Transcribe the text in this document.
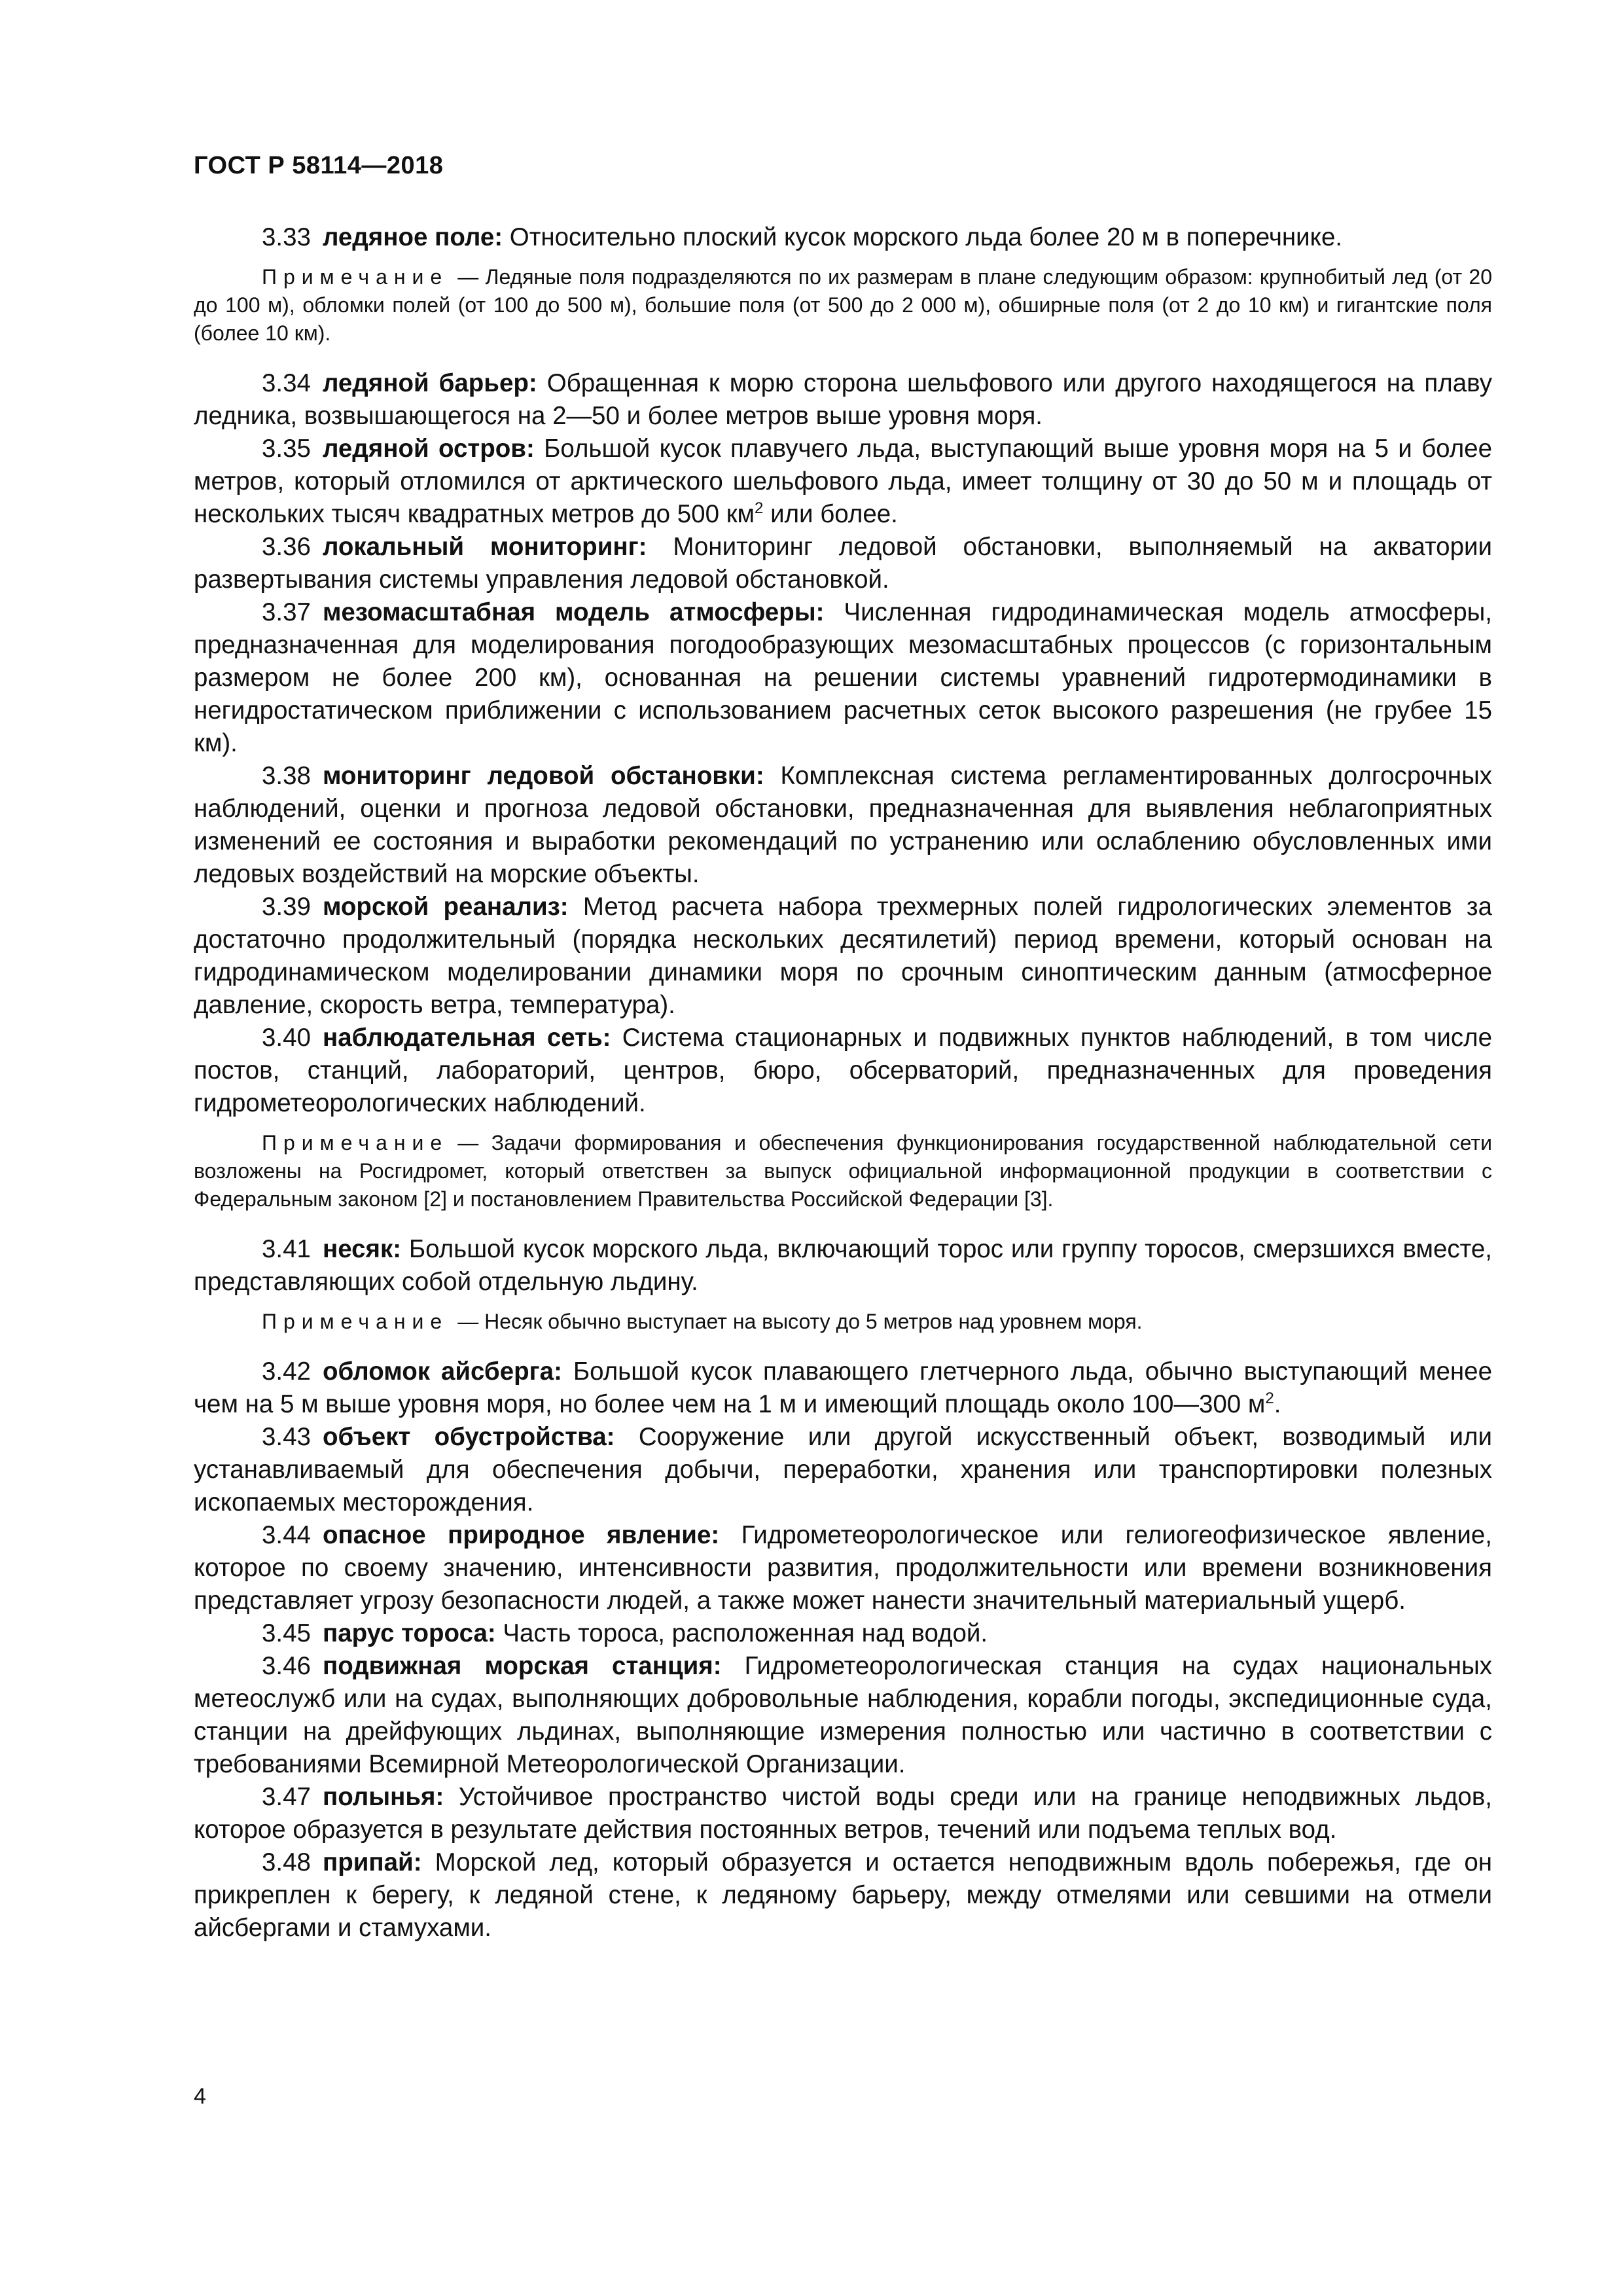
ГОСТ Р 58114—2018

3.33 ледяное поле: Относительно плоский кусок морского льда более 20 м в поперечнике.

Примечание — Ледяные поля подразделяются по их размерам в плане следующим образом: крупнобитый лед (от 20 до 100 м), обломки полей (от 100 до 500 м), большие поля (от 500 до 2 000 м), обширные поля (от 2 до 10 км) и гигантские поля (более 10 км).

3.34 ледяной барьер: Обращенная к морю сторона шельфового или другого находящегося на плаву ледника, возвышающегося на 2—50 и более метров выше уровня моря.

3.35 ледяной остров: Большой кусок плавучего льда, выступающий выше уровня моря на 5 и более метров, который отломился от арктического шельфового льда, имеет толщину от 30 до 50 м и площадь от нескольких тысяч квадратных метров до 500 $км^2$ или более.

3.36 локальный мониторинг: Мониторинг ледовой обстановки, выполняемый на акватории развертывания системы управления ледовой обстановкой.

3.37 мезомасштабная модель атмосферы: Численная гидродинамическая модель атмосферы, предназначенная для моделирования погодообразующих мезомасштабных процессов (с горизонтальным размером не более 200 км), основанная на решении системы уравнений гидротермодинамики в негидростатическом приближении с использованием расчетных сеток высокого разрешения (не грубее 15 км).

3.38 мониторинг ледовой обстановки: Комплексная система регламентированных долгосрочных наблюдений, оценки и прогноза ледовой обстановки, предназначенная для выявления неблагоприятных изменений ее состояния и выработки рекомендаций по устранению или ослаблению обусловленных ими ледовых воздействий на морские объекты.

3.39 морской реанализ: Метод расчета набора трехмерных полей гидрологических элементов за достаточно продолжительный (порядка нескольких десятилетий) период времени, который основан на гидродинамическом моделировании динамики моря по срочным синоптическим данным (атмосферное давление, скорость ветра, температура).

3.40 наблюдательная сеть: Система стационарных и подвижных пунктов наблюдений, в том числе постов, станций, лабораторий, центров, бюро, обсерваторий, предназначенных для проведения гидрометеорологических наблюдений.

Примечание — Задачи формирования и обеспечения функционирования государственной наблюдательной сети возложены на Росгидромет, который ответствен за выпуск официальной информационной продукции в соответствии с Федеральным законом [2] и постановлением Правительства Российской Федерации [3].

3.41 несяк: Большой кусок морского льда, включающий торос или группу торосов, смерзшихся вместе, представляющих собой отдельную льдину.

Примечание — Несяк обычно выступает на высоту до 5 метров над уровнем моря.

3.42 обломок айсберга: Большой кусок плавающего глетчерного льда, обычно выступающий менее чем на 5 м выше уровня моря, но более чем на 1 м и имеющий площадь около 100—300 $м^2$.

3.43 объект обустройства: Сооружение или другой искусственный объект, возводимый или устанавливаемый для обеспечения добычи, переработки, хранения или транспортировки полезных ископаемых месторождения.

3.44 опасное природное явление: Гидрометеорологическое или гелиогеофизическое явление, которое по своему значению, интенсивности развития, продолжительности или времени возникновения представляет угрозу безопасности людей, а также может нанести значительный материальный ущерб.

3.45 парус тороса: Часть тороса, расположенная над водой.

3.46 подвижная морская станция: Гидрометеорологическая станция на судах национальных метеослужб или на судах, выполняющих добровольные наблюдения, корабли погоды, экспедиционные суда, станции на дрейфующих льдинах, выполняющие измерения полностью или частично в соответствии с требованиями Всемирной Метеорологической Организации.

3.47 полынья: Устойчивое пространство чистой воды среди или на границе неподвижных льдов, которое образуется в результате действия постоянных ветров, течений или подъема теплых вод.

3.48 припай: Морской лед, который образуется и остается неподвижным вдоль побережья, где он прикреплен к берегу, к ледяной стене, к ледяному барьеру, между отмелями или севшими на отмели айсбергами и стамухами.

4
